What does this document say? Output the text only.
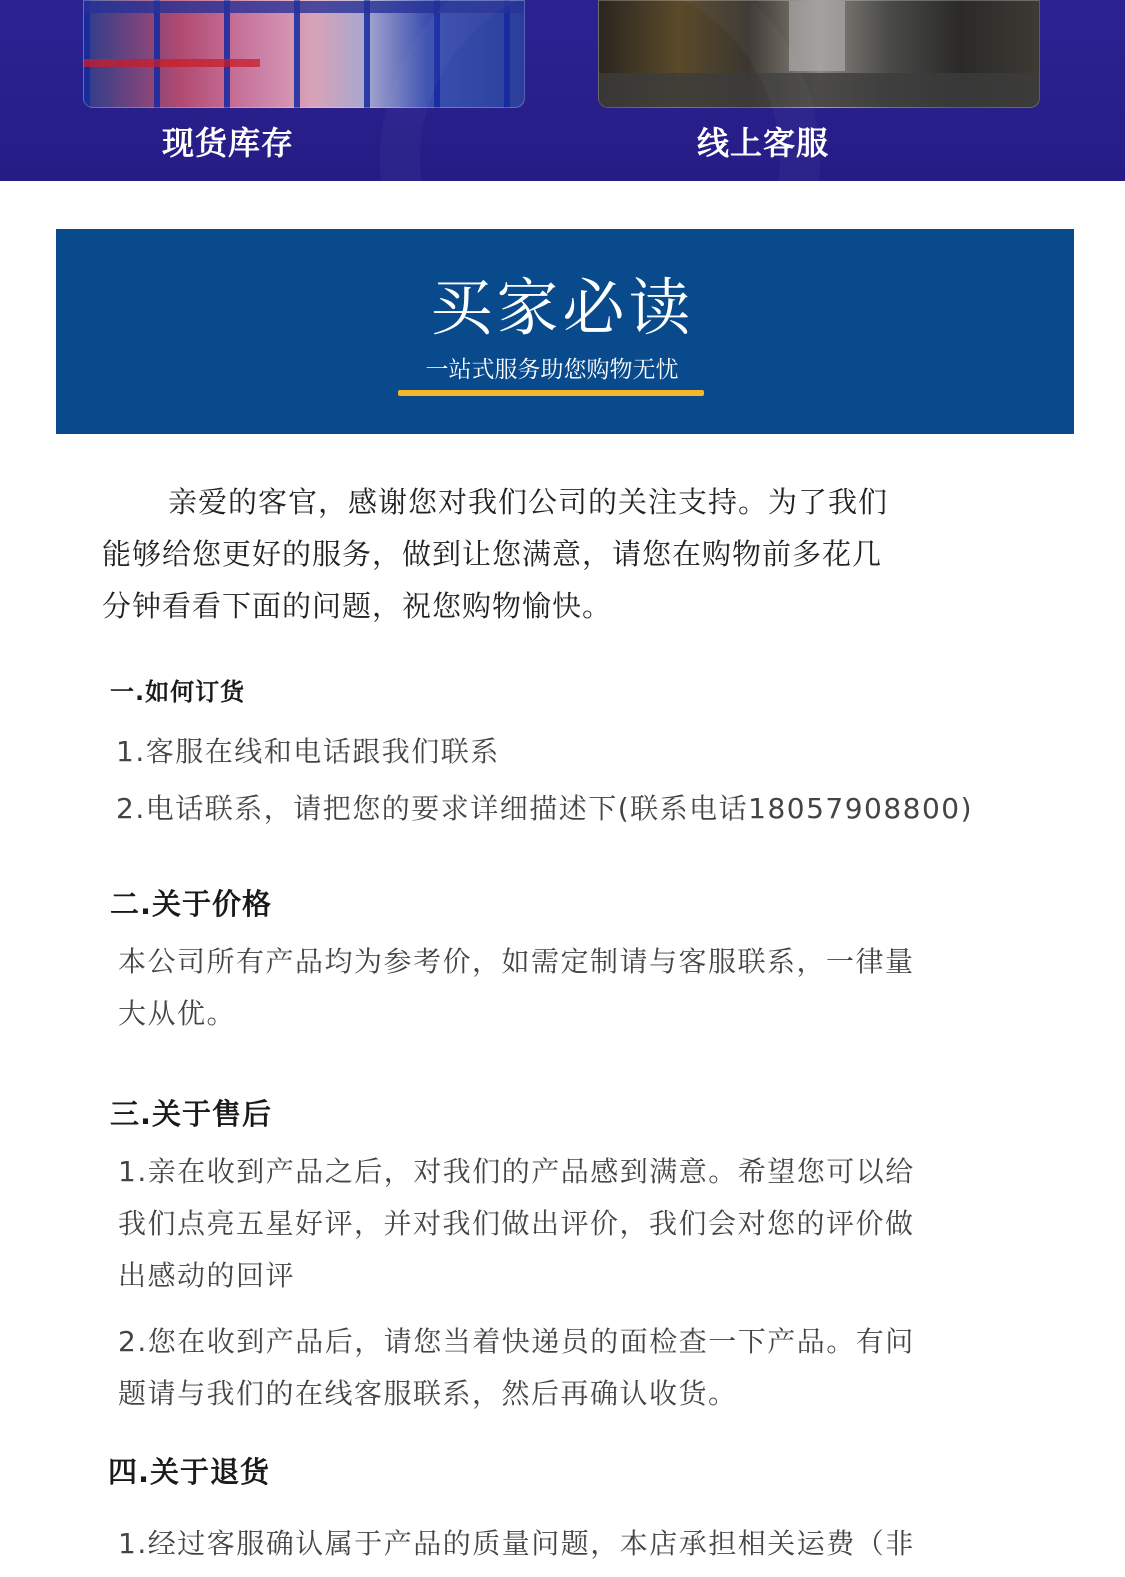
现货库存	线上客服
买家必读
一站式服务助您购物无忧
亲爱的客官，感谢您对我们公司的关注支持。为了我们
能够给您更好的服务，做到让您满意，请您在购物前多花几
分钟看看下面的问题，祝您购物愉快。
一.如何订货
1.客服在线和电话跟我们联系
2.电话联系，请把您的要求详细描述下(联系电话18057908800)
二.关于价格
本公司所有产品均为参考价，如需定制请与客服联系，一律量
大从优。
三.关于售后
1.亲在收到产品之后，对我们的产品感到满意。希望您可以给
我们点亮五星好评，并对我们做出评价，我们会对您的评价做
出感动的回评
2.您在收到产品后，请您当着快递员的面检查一下产品。有问
题请与我们的在线客服联系，然后再确认收货。
四.关于退货
1.经过客服确认属于产品的质量问题，本店承担相关运费（非
